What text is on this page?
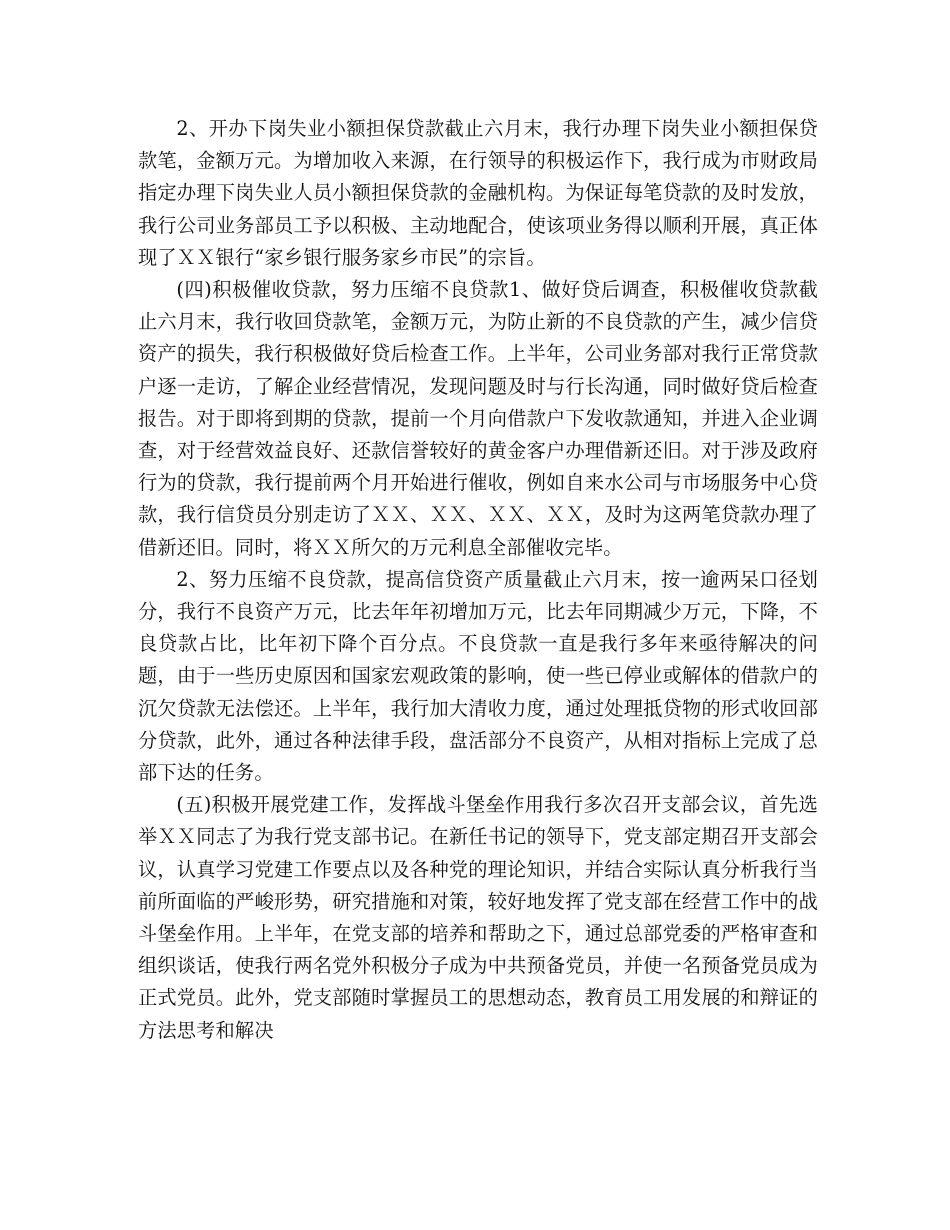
2、开办下岗失业小额担保贷款截止六月末，我行办理下岗失业小额担保贷款笔，金额万元。为增加收入来源，在行领导的积极运作下，我行成为市财政局指定办理下岗失业人员小额担保贷款的金融机构。为保证每笔贷款的及时发放，我行公司业务部员工予以积极、主动地配合，使该项业务得以顺利开展，真正体现了ＸＸ银行“家乡银行服务家乡市民”的宗旨。

(四)积极催收贷款，努力压缩不良贷款1、做好贷后调查，积极催收贷款截止六月末，我行收回贷款笔，金额万元，为防止新的不良贷款的产生，减少信贷资产的损失，我行积极做好贷后检查工作。上半年，公司业务部对我行正常贷款户逐一走访，了解企业经营情况，发现问题及时与行长沟通，同时做好贷后检查报告。对于即将到期的贷款，提前一个月向借款户下发收款通知，并进入企业调查，对于经营效益良好、还款信誉较好的黄金客户办理借新还旧。对于涉及政府行为的贷款，我行提前两个月开始进行催收，例如自来水公司与市场服务中心贷款，我行信贷员分别走访了ＸＸ、ＸＸ、ＸＸ、ＸＸ，及时为这两笔贷款办理了借新还旧。同时，将ＸＸ所欠的万元利息全部催收完毕。

2、努力压缩不良贷款，提高信贷资产质量截止六月末，按一逾两呆口径划分，我行不良资产万元，比去年年初增加万元，比去年同期减少万元，下降，不良贷款占比，比年初下降个百分点。不良贷款一直是我行多年来亟待解决的问题，由于一些历史原因和国家宏观政策的影响，使一些已停业或解体的借款户的沉欠贷款无法偿还。上半年，我行加大清收力度，通过处理抵贷物的形式收回部分贷款，此外，通过各种法律手段，盘活部分不良资产，从相对指标上完成了总部下达的任务。

(五)积极开展党建工作，发挥战斗堡垒作用我行多次召开支部会议，首先选举ＸＸ同志了为我行党支部书记。在新任书记的领导下，党支部定期召开支部会议，认真学习党建工作要点以及各种党的理论知识，并结合实际认真分析我行当前所面临的严峻形势，研究措施和对策，较好地发挥了党支部在经营工作中的战斗堡垒作用。上半年，在党支部的培养和帮助之下，通过总部党委的严格审查和组织谈话，使我行两名党外积极分子成为中共预备党员，并使一名预备党员成为正式党员。此外，党支部随时掌握员工的思想动态，教育员工用发展的和辩证的方法思考和解决
